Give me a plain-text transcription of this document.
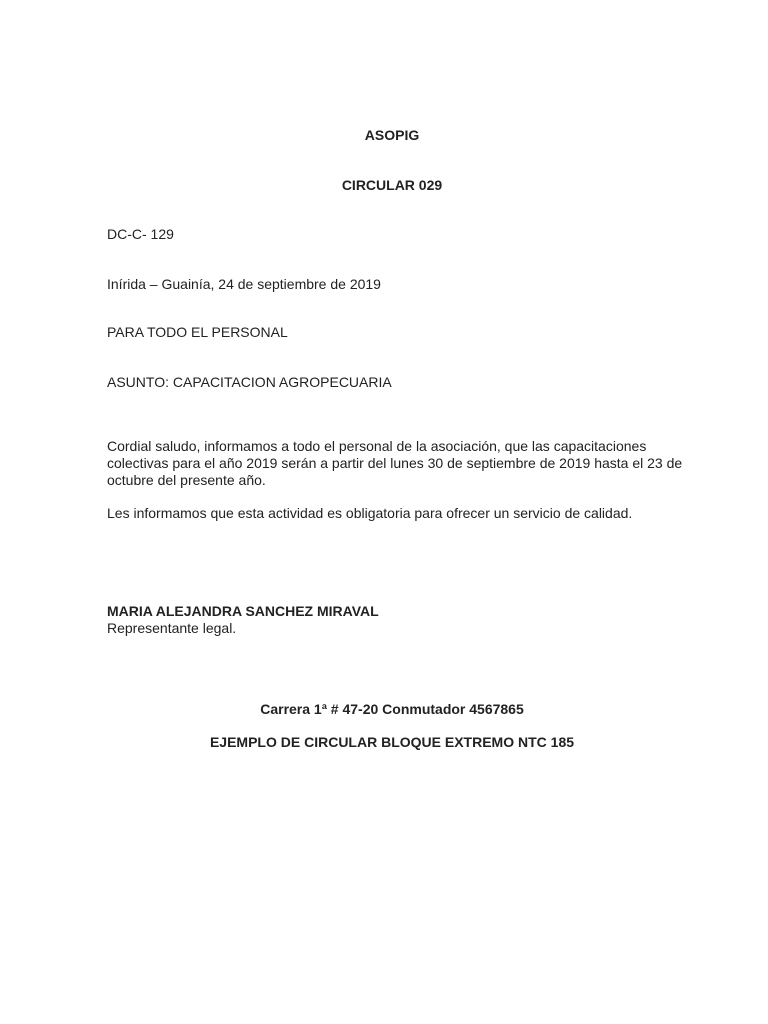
ASOPIG
CIRCULAR 029
DC-C- 129
Inírida – Guainía, 24 de septiembre de 2019
PARA TODO EL PERSONAL
ASUNTO: CAPACITACION AGROPECUARIA
Cordial saludo, informamos a todo el personal de la asociación, que las capacitaciones colectivas para el año 2019 serán a partir del lunes 30 de septiembre de 2019 hasta el 23 de octubre del presente año.
Les informamos que esta actividad es obligatoria para ofrecer un servicio de calidad.
MARIA ALEJANDRA SANCHEZ MIRAVAL
Representante legal.
Carrera 1ª # 47-20 Conmutador 4567865
EJEMPLO DE CIRCULAR BLOQUE EXTREMO NTC 185
